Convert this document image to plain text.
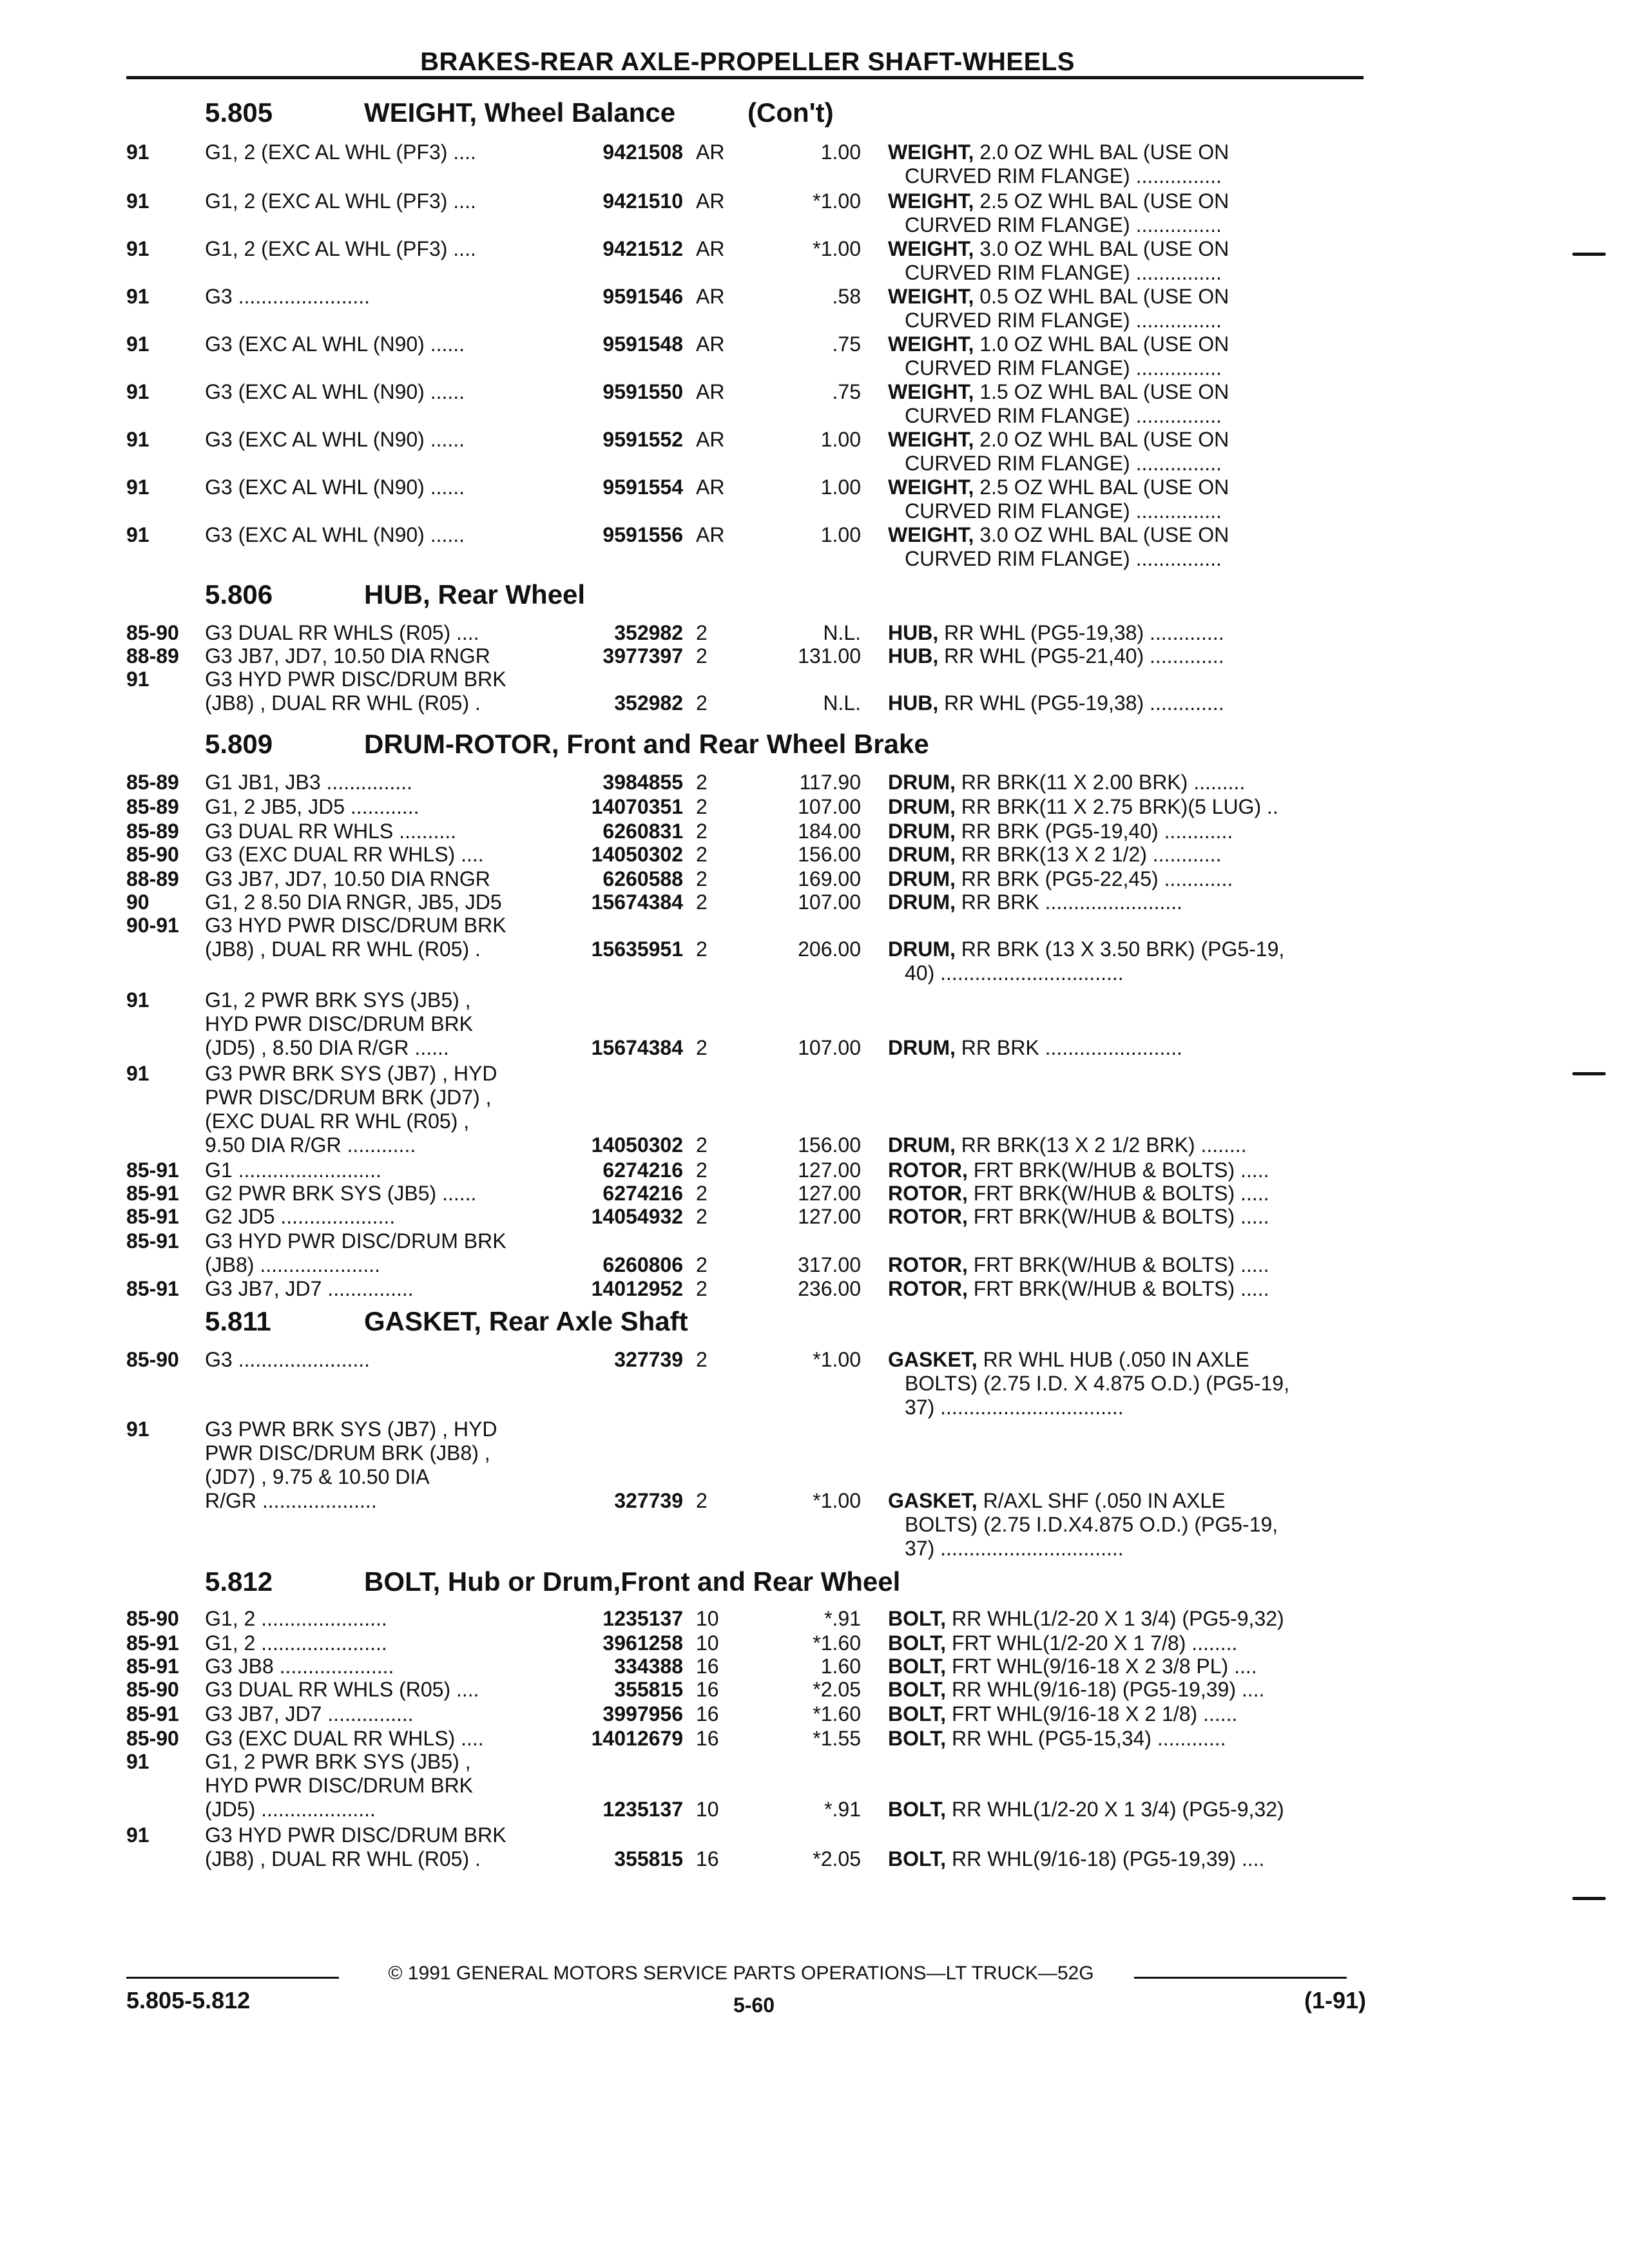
BRAKES-REAR AXLE-PROPELLER SHAFT-WHEELS
5.805	WEIGHT, Wheel Balance	(Con't)
91	G1, 2 (EXC AL WHL (PF3) ....	9421508 AR	1.00 WEIGHT, 2.0 OZ WHL BAL (USE ON
CURVED RIM FLANGE) ...............
91	G1, 2 (EXC AL WHL (PF3) ....	9421510 AR	*1.00 WEIGHT, 2.5 OZ WHL BAL (USE ON
CURVED RIM FLANGE) ...............
91	G1, 2 (EXC AL WHL (PF3) ....	9421512 AR	*1.00 WEIGHT, 3.0 OZ WHL BAL (USE ON
CURVED RIM FLANGE) ...............
91	G3 .......................	9591546 AR	.58 WEIGHT, 0.5 OZ WHL BAL (USE ON
CURVED RIM FLANGE) ...............
91	G3 (EXC AL WHL (N90) ......	9591548 AR	.75 WEIGHT, 1.0 OZ WHL BAL (USE ON
CURVED RIM FLANGE) ...............
91	G3 (EXC AL WHL (N90) ......	9591550 AR	.75 WEIGHT, 1.5 OZ WHL BAL (USE ON
CURVED RIM FLANGE) ...............
91	G3 (EXC AL WHL (N90) ......	9591552 AR	1.00 WEIGHT, 2.0 OZ WHL BAL (USE ON
CURVED RIM FLANGE) ...............
91	G3 (EXC AL WHL (N90) ......	9591554 AR	1.00 WEIGHT, 2.5 OZ WHL BAL (USE ON
CURVED RIM FLANGE) ...............
91	G3 (EXC AL WHL (N90) ......	9591556 AR	1.00 WEIGHT, 3.0 OZ WHL BAL (USE ON
CURVED RIM FLANGE) ...............
5.806	HUB, Rear Wheel
85-90 G3 DUAL RR WHLS (R05) ....	352982 2	N.L. HUB, RR WHL (PG5-19,38) .............
88-89 G3 JB7, JD7, 10.50 DIA RNGR	3977397 2	131.00 HUB, RR WHL (PG5-21,40) .............
91	G3 HYD PWR DISC/DRUM BRK
(JB8) , DUAL RR WHL (R05) .	352982 2	N.L. HUB, RR WHL (PG5-19,38) .............
5.809	DRUM-ROTOR, Front and Rear Wheel Brake
85-89 G1 JB1, JB3 ...............	3984855 2	117.90 DRUM, RR BRK(11 X 2.00 BRK) .........
85-89 G1, 2 JB5, JD5 ............	14070351 2	107.00 DRUM, RR BRK(11 X 2.75 BRK)(5 LUG) ..
85-89 G3 DUAL RR WHLS ..........	6260831 2	184.00 DRUM, RR BRK (PG5-19,40) ............
85-90 G3 (EXC DUAL RR WHLS) ....	14050302 2	156.00 DRUM, RR BRK(13 X 2 1/2) ............
88-89 G3 JB7, JD7, 10.50 DIA RNGR	6260588 2	169.00 DRUM, RR BRK (PG5-22,45) ............
90	G1, 2 8.50 DIA RNGR, JB5, JD5	15674384 2	107.00 DRUM, RR BRK ........................
90-91 G3 HYD PWR DISC/DRUM BRK
(JB8) , DUAL RR WHL (R05) .	15635951 2	206.00 DRUM, RR BRK (13 X 3.50 BRK) (PG5-19,
40) ................................
91	G1, 2 PWR BRK SYS (JB5) ,
HYD PWR DISC/DRUM BRK
(JD5) , 8.50 DIA R/GR ......	15674384 2	107.00 DRUM, RR BRK ........................
91	G3 PWR BRK SYS (JB7) , HYD
PWR DISC/DRUM BRK (JD7) ,
(EXC DUAL RR WHL (R05) ,
9.50 DIA R/GR ............	14050302 2	156.00 DRUM, RR BRK(13 X 2 1/2 BRK) ........
85-91 G1 .........................	6274216 2	127.00 ROTOR, FRT BRK(W/HUB & BOLTS) .....
85-91 G2 PWR BRK SYS (JB5) ......	6274216 2	127.00 ROTOR, FRT BRK(W/HUB & BOLTS) .....
85-91 G2 JD5 ....................	14054932 2	127.00 ROTOR, FRT BRK(W/HUB & BOLTS) .....
85-91 G3 HYD PWR DISC/DRUM BRK
(JB8) .....................	6260806 2	317.00 ROTOR, FRT BRK(W/HUB & BOLTS) .....
85-91 G3 JB7, JD7 ...............	14012952 2	236.00 ROTOR, FRT BRK(W/HUB & BOLTS) .....
5.811	GASKET, Rear Axle Shaft
85-90 G3 .......................	327739 2	*1.00 GASKET, RR WHL HUB (.050 IN AXLE
BOLTS) (2.75 I.D. X 4.875 O.D.) (PG5-19,
37) ................................
91	G3 PWR BRK SYS (JB7) , HYD
PWR DISC/DRUM BRK (JB8) ,
(JD7) , 9.75 & 10.50 DIA
R/GR ....................	327739 2	*1.00 GASKET, R/AXL SHF (.050 IN AXLE
BOLTS) (2.75 I.D.X4.875 O.D.) (PG5-19,
37) ................................
5.812	BOLT, Hub or Drum,Front and Rear Wheel
85-90 G1, 2 ......................	1235137 10	*.91 BOLT, RR WHL(1/2-20 X 1 3/4) (PG5-9,32)
85-91 G1, 2 ......................	3961258 10	*1.60 BOLT, FRT WHL(1/2-20 X 1 7/8) ........
85-91 G3 JB8 ....................	334388 16	1.60 BOLT, FRT WHL(9/16-18 X 2 3/8 PL) ....
85-90 G3 DUAL RR WHLS (R05) ....	355815 16	*2.05 BOLT, RR WHL(9/16-18) (PG5-19,39) ....
85-91 G3 JB7, JD7 ...............	3997956 16	*1.60 BOLT, FRT WHL(9/16-18 X 2 1/8) ......
85-90 G3 (EXC DUAL RR WHLS) ....	14012679 16	*1.55 BOLT, RR WHL (PG5-15,34) ............
91	G1, 2 PWR BRK SYS (JB5) ,
HYD PWR DISC/DRUM BRK
(JD5) ....................	1235137 10	*.91 BOLT, RR WHL(1/2-20 X 1 3/4) (PG5-9,32)
91	G3 HYD PWR DISC/DRUM BRK
(JB8) , DUAL RR WHL (R05) .	355815 16	*2.05 BOLT, RR WHL(9/16-18) (PG5-19,39) ....
© 1991 GENERAL MOTORS SERVICE PARTS OPERATIONS—LT TRUCK—52G
5.805-5.812	5-60	(1-91)
